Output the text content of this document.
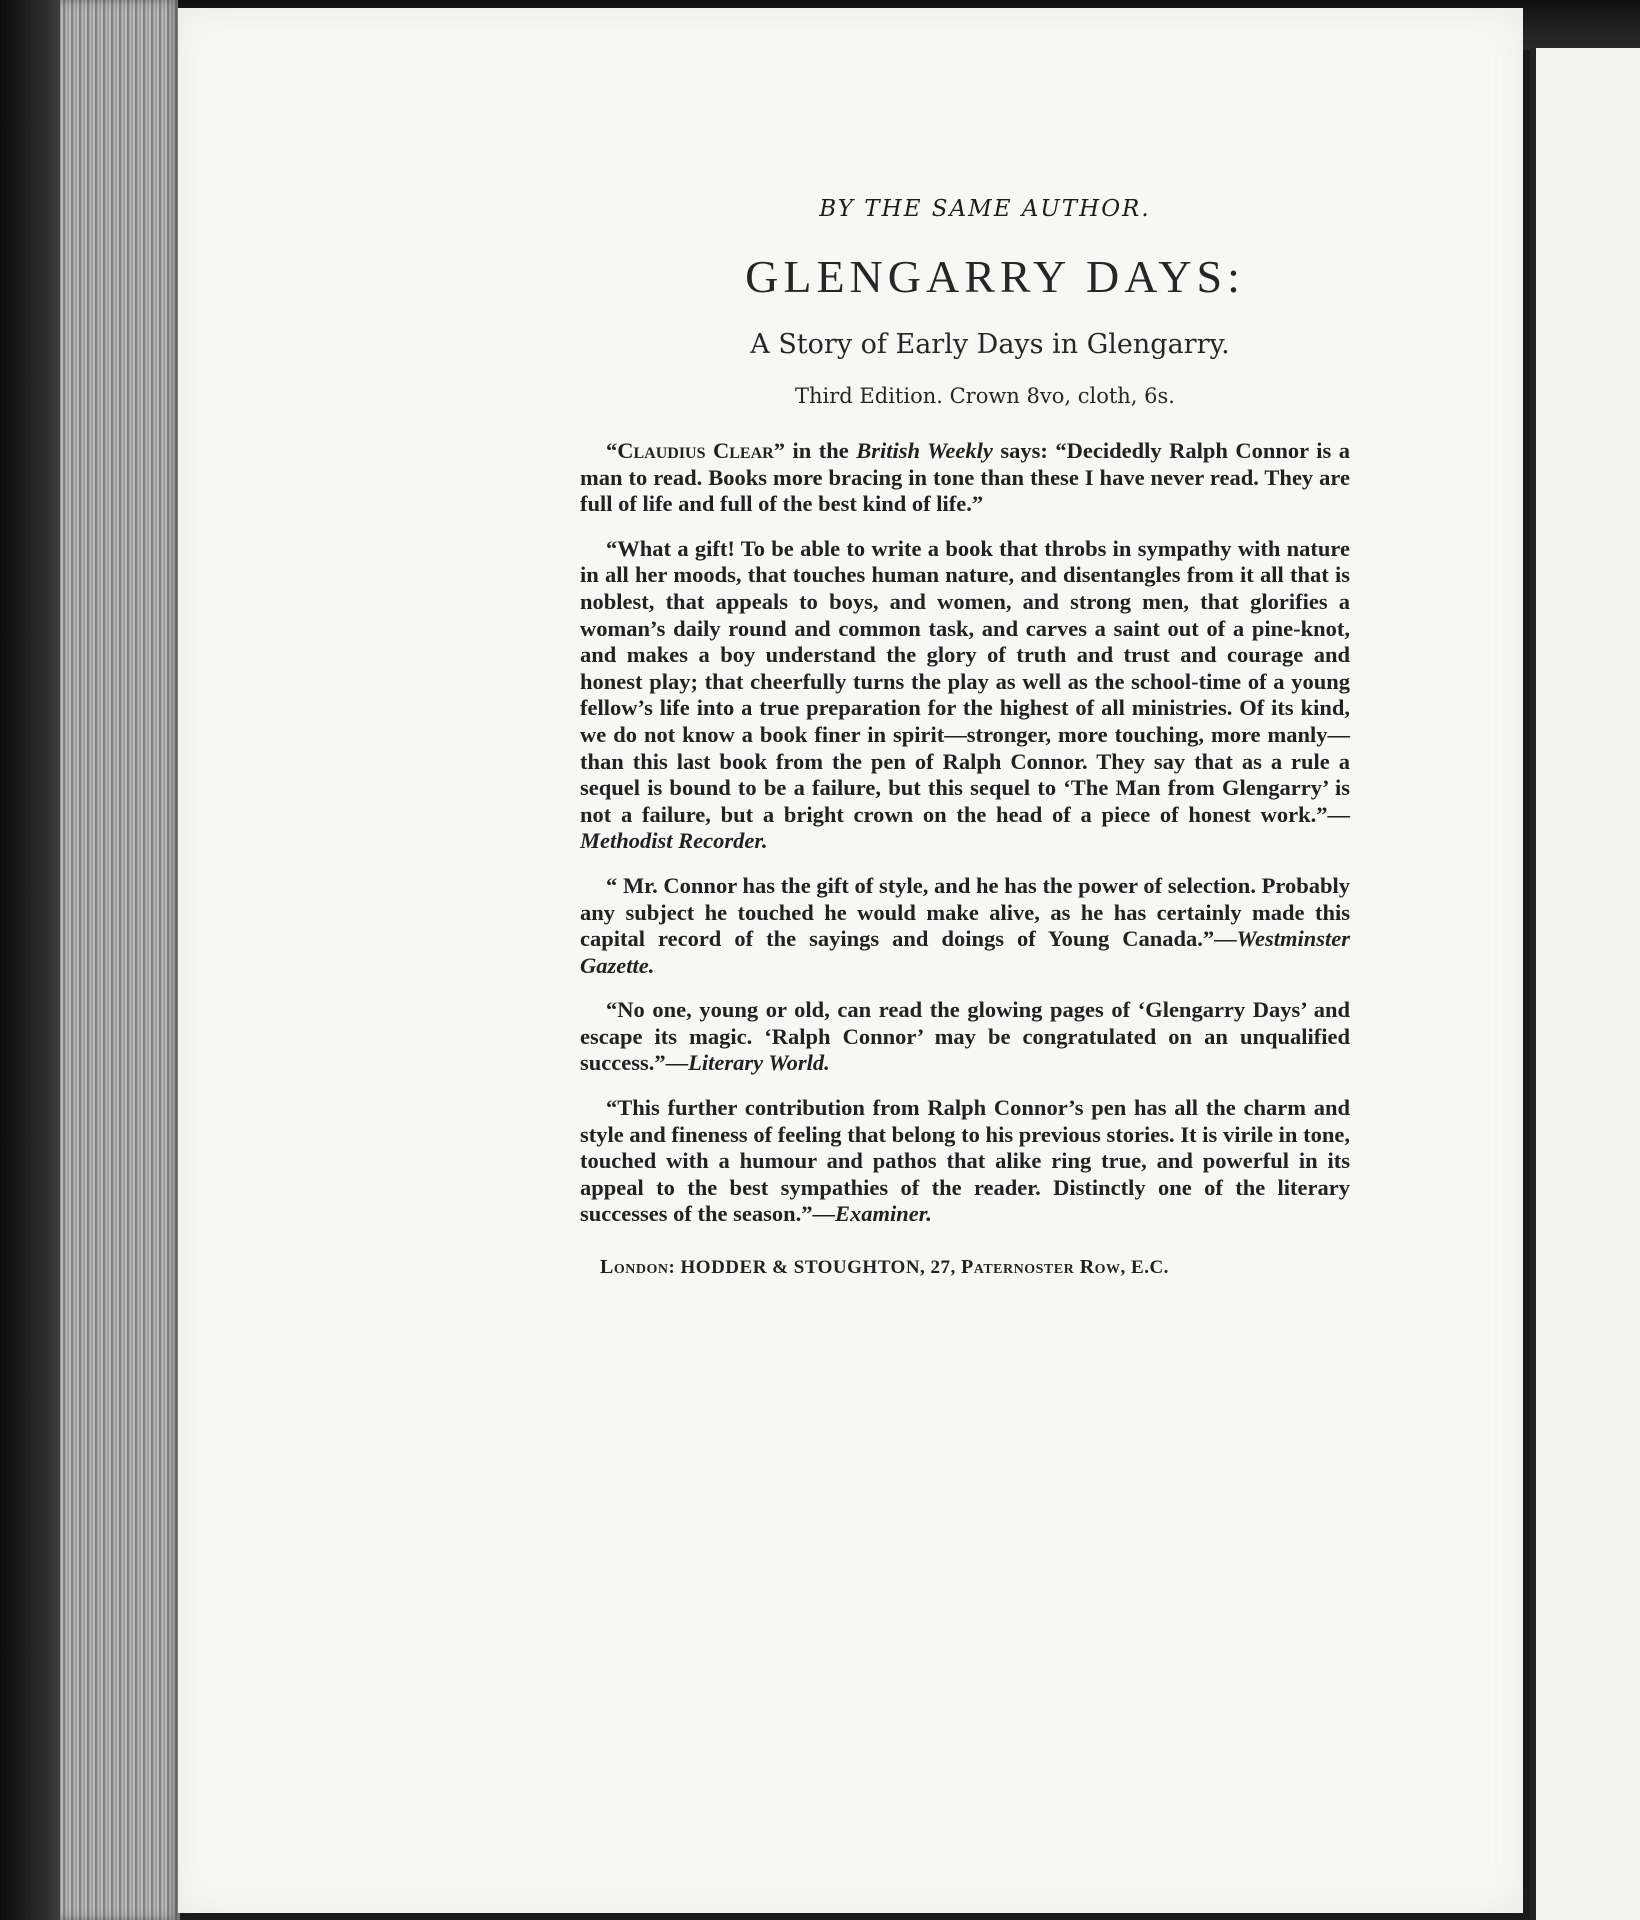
BY THE SAME AUTHOR.
GLENGARRY DAYS:
A Story of Early Days in Glengarry.
Third Edition. Crown 8vo, cloth, 6s.

“Claudius Clear” in the British Weekly says: “Decidedly Ralph Connor is a man to read. Books more bracing in tone than these I have never read. They are full of life and full of the best kind of life.”

“What a gift! To be able to write a book that throbs in sympathy with nature in all her moods, that touches human nature, and disentangles from it all that is noblest, that appeals to boys, and women, and strong men, that glorifies a woman’s daily round and common task, and carves a saint out of a pine-knot, and makes a boy understand the glory of truth and trust and courage and honest play; that cheerfully turns the play as well as the school-time of a young fellow’s life into a true preparation for the highest of all ministries. Of its kind, we do not know a book finer in spirit—stronger, more touching, more manly—than this last book from the pen of Ralph Connor. They say that as a rule a sequel is bound to be a failure, but this sequel to ‘The Man from Glengarry’ is not a failure, but a bright crown on the head of a piece of honest work.”—Methodist Recorder.

“ Mr. Connor has the gift of style, and he has the power of selection. Probably any subject he touched he would make alive, as he has certainly made this capital record of the sayings and doings of Young Canada.”—Westminster Gazette.

“No one, young or old, can read the glowing pages of ‘Glengarry Days’ and escape its magic. ‘Ralph Connor’ may be congratulated on an unqualified success.”—Literary World.

“This further contribution from Ralph Connor’s pen has all the charm and style and fineness of feeling that belong to his previous stories. It is virile in tone, touched with a humour and pathos that alike ring true, and powerful in its appeal to the best sympathies of the reader. Distinctly one of the literary successes of the season.”—Examiner.

London: HODDER & STOUGHTON, 27, Paternoster Row, E.C.
